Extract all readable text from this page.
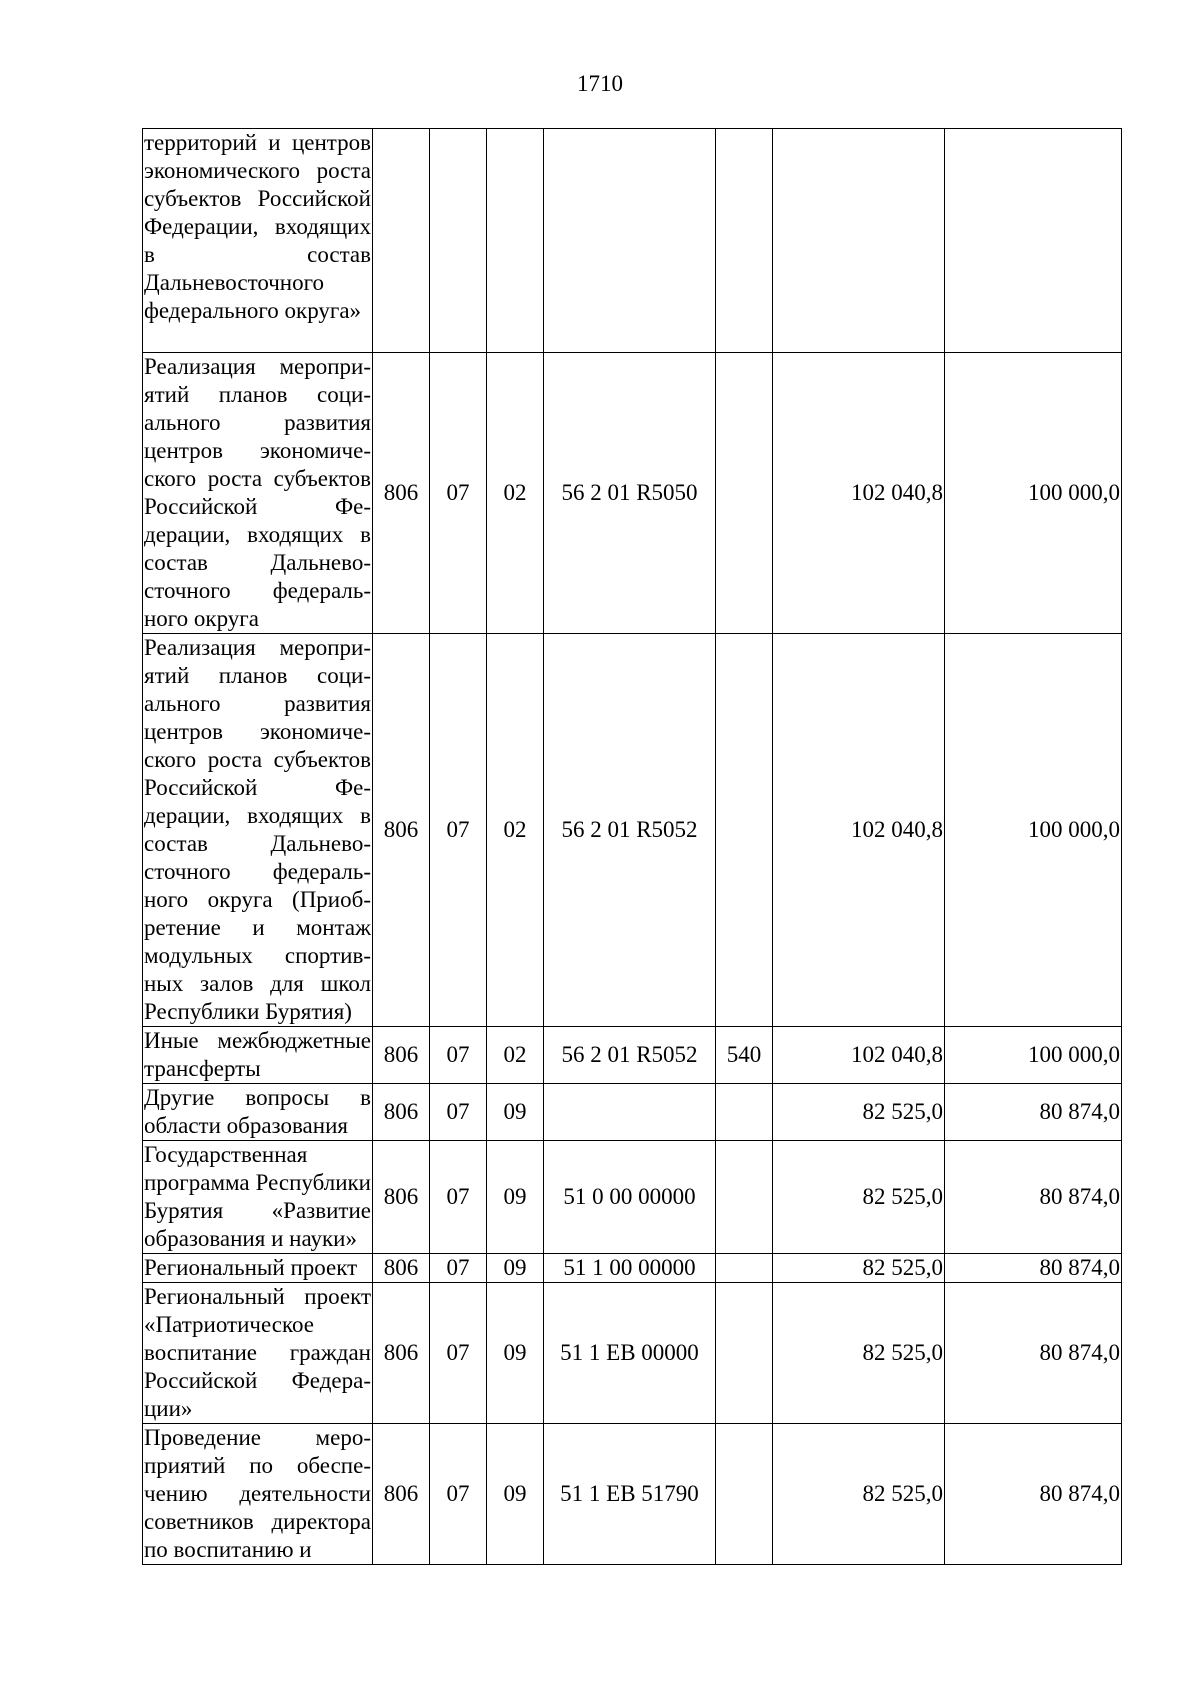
1710
территорий и центров экономического роста субъектов Российской Федерации, входящих в состав Дальневосточного федерального округа»							
Реализация мероприятий планов социального развития центров экономического роста субъектов Российской Федерации, входящих в состав Дальневосточного федерального округа	806	07	02	56 2 01 R5050		102 040,8	100 000,0
Реализация мероприятий планов социального развития центров экономического роста субъектов Российской Федерации, входящих в состав Дальневосточного федерального округа (Приобретение и монтаж модульных спортивных залов для школ Республики Бурятия)	806	07	02	56 2 01 R5052		102 040,8	100 000,0
Иные межбюджетные трансферты	806	07	02	56 2 01 R5052	540	102 040,8	100 000,0
Другие вопросы в области образования	806	07	09			82 525,0	80 874,0
Государственная программа Республики Бурятия «Развитие образования и науки»	806	07	09	51 0 00 00000		82 525,0	80 874,0
Региональный проект	806	07	09	51 1 00 00000		82 525,0	80 874,0
Региональный проект «Патриотическое воспитание граждан Российской Федерации»	806	07	09	51 1 EB 00000		82 525,0	80 874,0
Проведение мероприятий по обеспечению деятельности советников директора по воспитанию и	806	07	09	51 1 EB 51790		82 525,0	80 874,0
